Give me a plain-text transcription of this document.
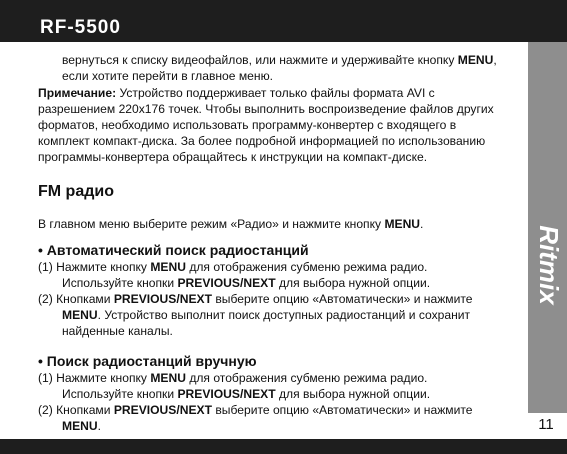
RF-5500
Ritmix
11

вернуться к списку видеофайлов, или нажмите и удерживайте кнопку MENU,
если хотите перейти в главное меню.

Примечание: Устройство поддерживает только файлы формата AVI с
разрешением 220x176 точек. Чтобы выполнить воспроизведение файлов других
форматов, необходимо использовать программу-конвертер с входящего в
комплект компакт-диска. За более подробной информацией по использованию
программы-конвертера обращайтесь к инструкции на компакт-диске.

FM радио

В главном меню выберите режим «Радио» и нажмите кнопку MENU.

• Автоматический поиск радиостанций

(1) Нажмите кнопку MENU для отображения субменю режима радио.

Используйте кнопки PREVIOUS/NEXT для выбора нужной опции.

(2) Кнопками PREVIOUS/NEXT выберите опцию «Автоматически» и нажмите

MENU. Устройство выполнит поиск доступных радиостанций и сохранит

найденные каналы.

• Поиск радиостанций вручную

(1) Нажмите кнопку MENU для отображения субменю режима радио.

Используйте кнопки PREVIOUS/NEXT для выбора нужной опции.

(2) Кнопками PREVIOUS/NEXT выберите опцию «Автоматически» и нажмите

MENU.
